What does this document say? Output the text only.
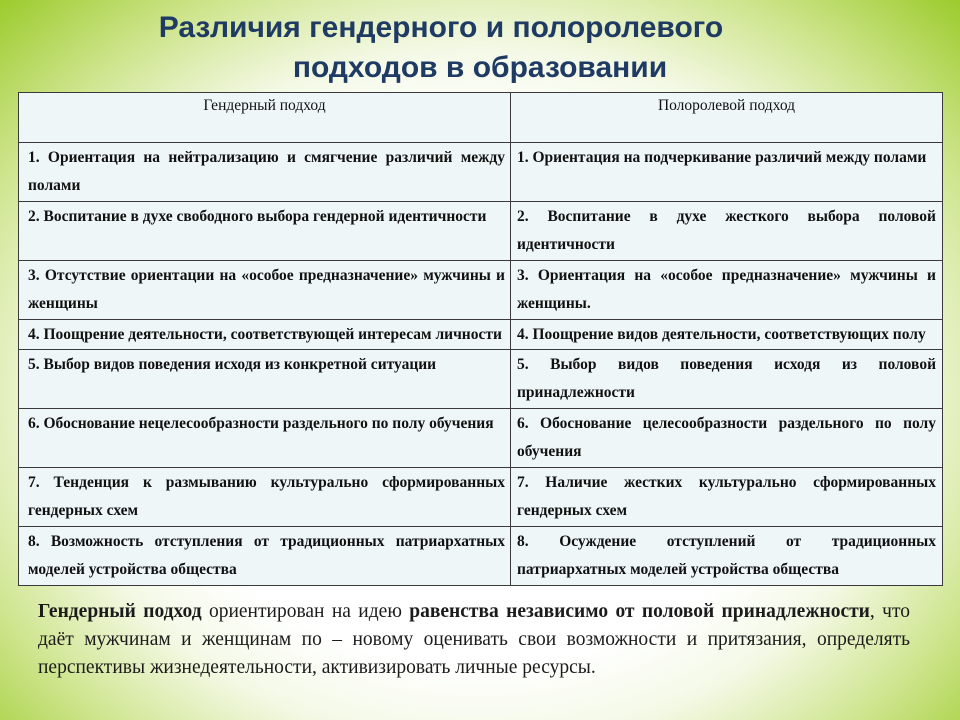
Различия гендерного и полоролевого
подходов в образовании
Гендерный подход	Полоролевой подход
1. Ориентация на нейтрализацию и смягчение различий между полами	1. Ориентация на подчеркивание различий между полами
2. Воспитание в духе свободного выбора гендерной идентичности	2. Воспитание в духе жесткого выбора половой идентичности
3. Отсутствие ориентации на «особое предназначение» мужчины и женщины	3. Ориентация на «особое предназначение» мужчины и женщины.
4. Поощрение деятельности, соответствующей интересам личности	4. Поощрение видов деятельности, соответствующих полу
5. Выбор видов поведения исходя из конкретной ситуации	5. Выбор видов поведения исходя из половой принадлежности
6. Обоснование нецелесообразности раздельного по полу обучения	6. Обоснование целесообразности раздельного по полу обучения
7. Тенденция к размыванию культурально сформированных гендерных схем	7. Наличие жестких культурально сформированных гендерных схем
8. Возможность отступления от традиционных патриархатных моделей устройства общества	8. Осуждение отступлений от традиционных патриархатных моделей устройства общества
Гендерный подход ориентирован на идею равенства независимо от половой принадлежности, что даёт мужчинам и женщинам по – новому оценивать свои возможности и притязания, определять перспективы жизнедеятельности, активизировать личные ресурсы.
